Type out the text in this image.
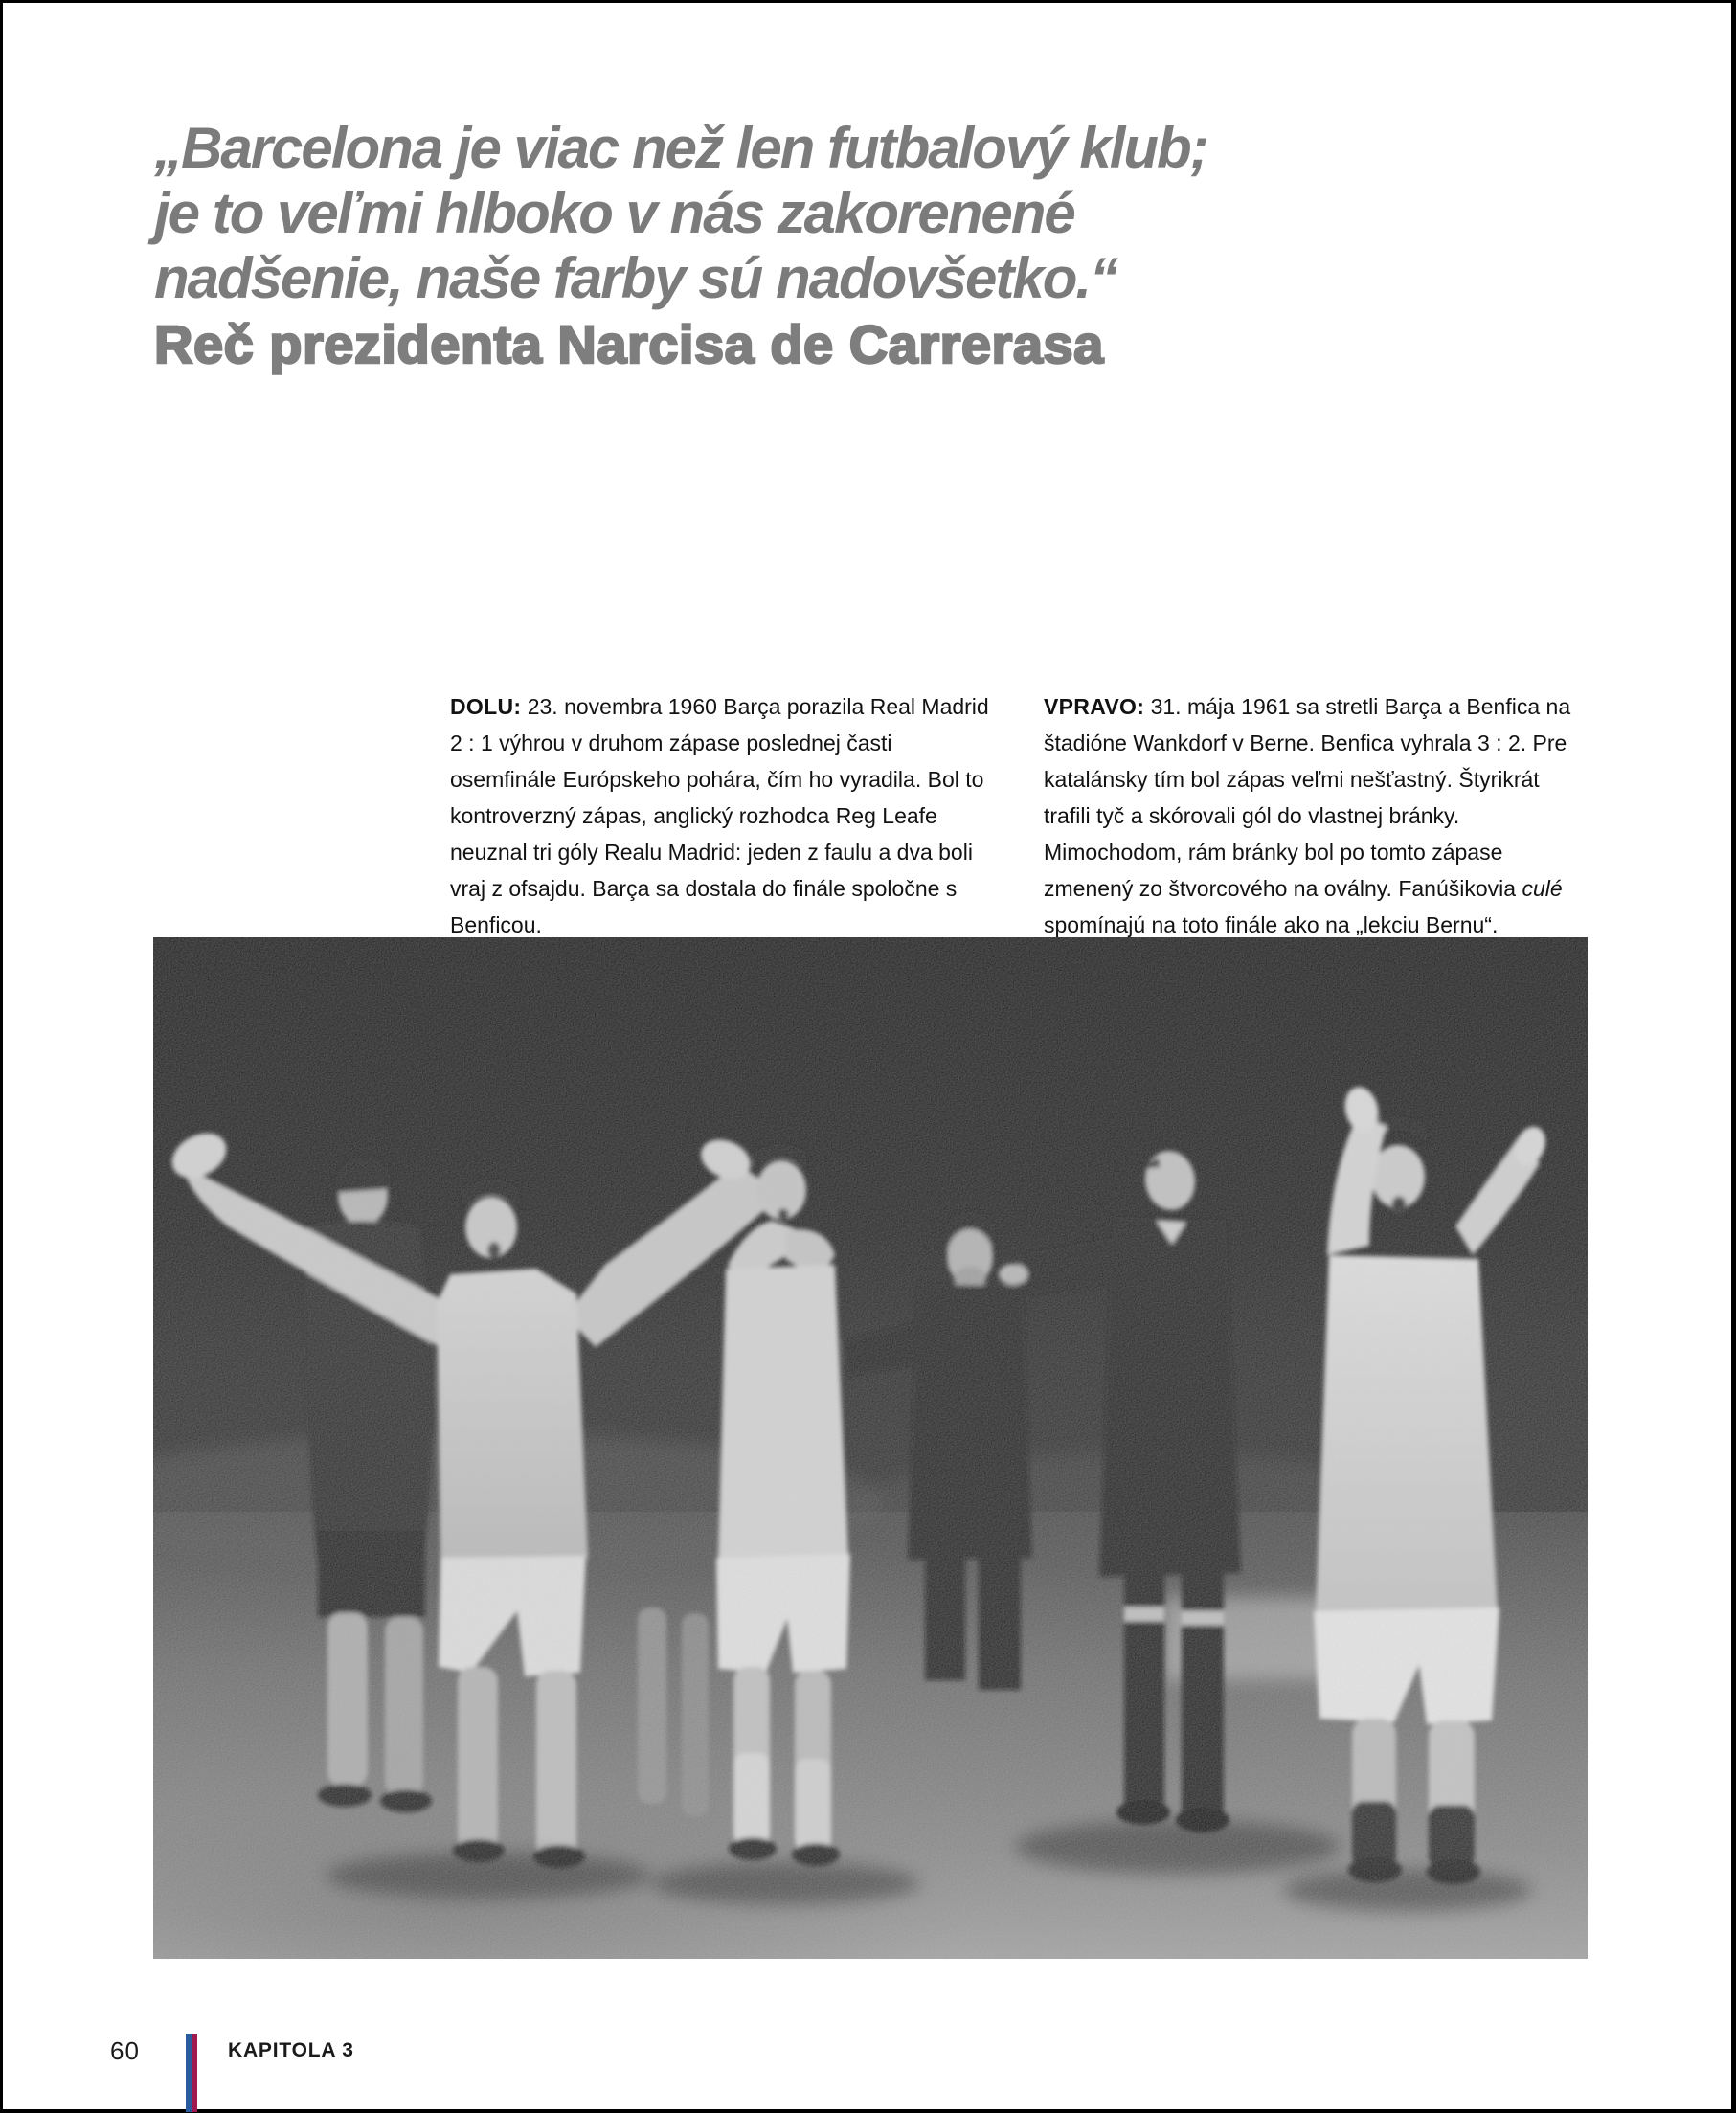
„Barcelona je viac než len futbalový klub;
je to veľmi hlboko v nás zakorenené
nadšenie, naše farby sú nadovšetko.“
Reč prezidenta Narcisa de Carrerasa

DOLU: 23. novembra 1960 Barça porazila Real Madrid 2 : 1 výhrou v druhom zápase poslednej časti osemfinále Európskeho pohára, čím ho vyradila. Bol to kontroverzný zápas, anglický rozhodca Reg Leafe neuznal tri góly Realu Madrid: jeden z faulu a dva boli vraj z ofsajdu. Barça sa dostala do finále spoločne s Benficou.

VPRAVO: 31. mája 1961 sa stretli Barça a Benfica na štadióne Wankdorf v Berne. Benfica vyhrala 3 : 2. Pre katalánsky tím bol zápas veľmi nešťastný. Štyrikrát trafili tyč a skórovali gól do vlastnej bránky. Mimochodom, rám bránky bol po tomto zápase zmenený zo štvorcového na oválny. Fanúšikovia culé spomínajú na toto finále ako na „lekciu Bernu“.

60	KAPITOLA 3
